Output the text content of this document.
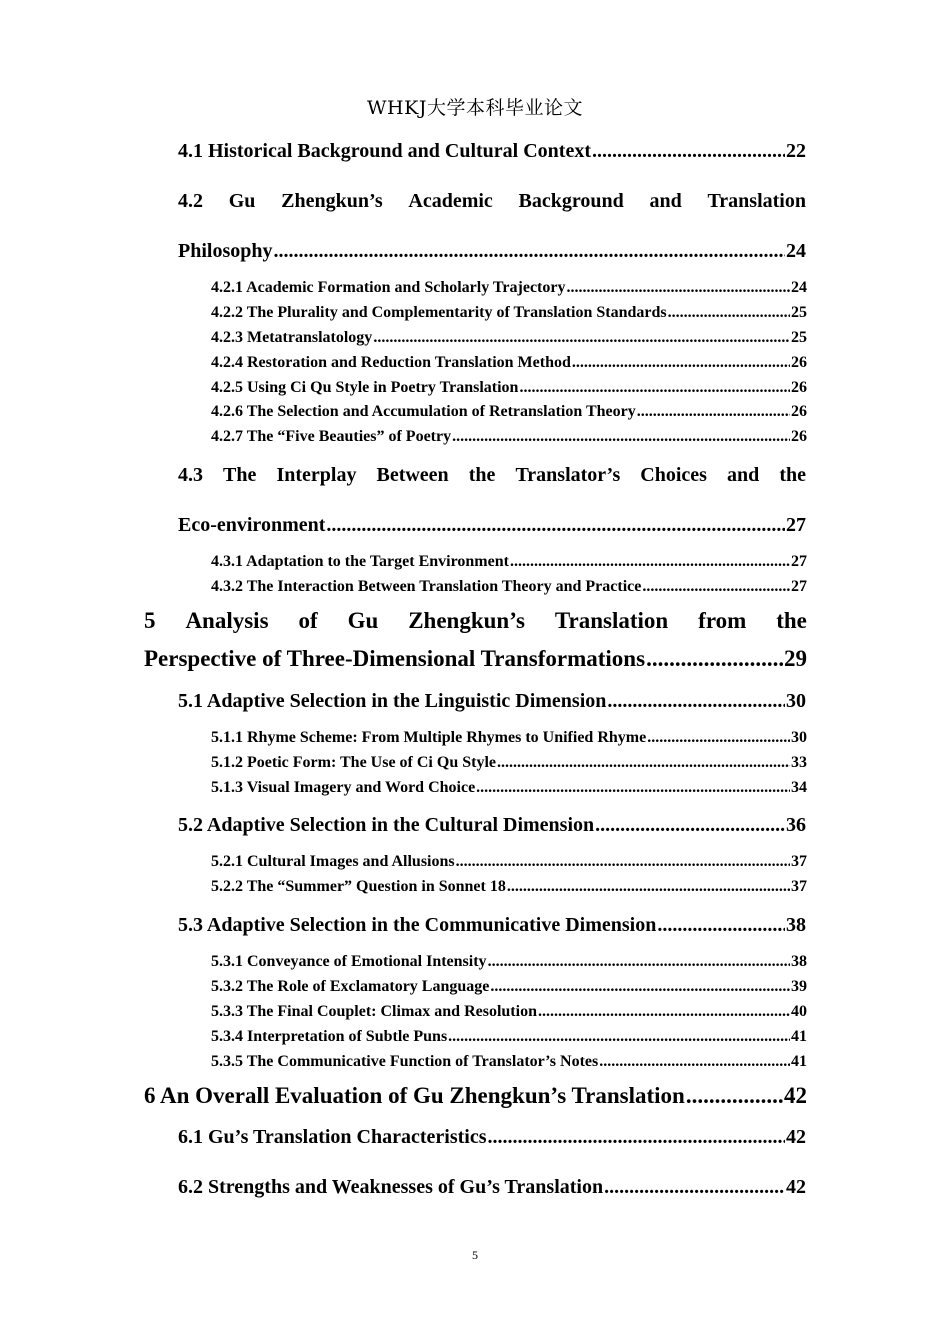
WHKJ大学本科毕业论文
4.1 Historical Background and Cultural Context .....	22
4.2 Gu Zhengkun’s Academic Background and Translation
Philosophy .....	24
4.2.1 Academic Formation and Scholarly Trajectory .....	24
4.2.2 The Plurality and Complementarity of Translation Standards .....	25
4.2.3 Metatranslatology .....	25
4.2.4 Restoration and Reduction Translation Method .....	26
4.2.5 Using Ci Qu Style in Poetry Translation .....	26
4.2.6 The Selection and Accumulation of Retranslation Theory .....	26
4.2.7 The “Five Beauties” of Poetry .....	26
4.3 The Interplay Between the Translator’s Choices and the
Eco-environment .....	27
4.3.1 Adaptation to the Target Environment .....	27
4.3.2 The Interaction Between Translation Theory and Practice .....	27
5 Analysis of Gu Zhengkun’s Translation from the
Perspective of Three-Dimensional Transformations .....	29
5.1 Adaptive Selection in the Linguistic Dimension .....	30
5.1.1 Rhyme Scheme: From Multiple Rhymes to Unified Rhyme .....	30
5.1.2 Poetic Form: The Use of Ci Qu Style .....	33
5.1.3 Visual Imagery and Word Choice .....	34
5.2 Adaptive Selection in the Cultural Dimension .....	36
5.2.1 Cultural Images and Allusions .....	37
5.2.2 The “Summer” Question in Sonnet 18 .....	37
5.3 Adaptive Selection in the Communicative Dimension .....	38
5.3.1 Conveyance of Emotional Intensity .....	38
5.3.2 The Role of Exclamatory Language .....	39
5.3.3 The Final Couplet: Climax and Resolution .....	40
5.3.4 Interpretation of Subtle Puns .....	41
5.3.5 The Communicative Function of Translator’s Notes .....	41
6 An Overall Evaluation of Gu Zhengkun’s Translation .....	42
6.1 Gu’s Translation Characteristics .....	42
6.2 Strengths and Weaknesses of Gu’s Translation .....	42
5
